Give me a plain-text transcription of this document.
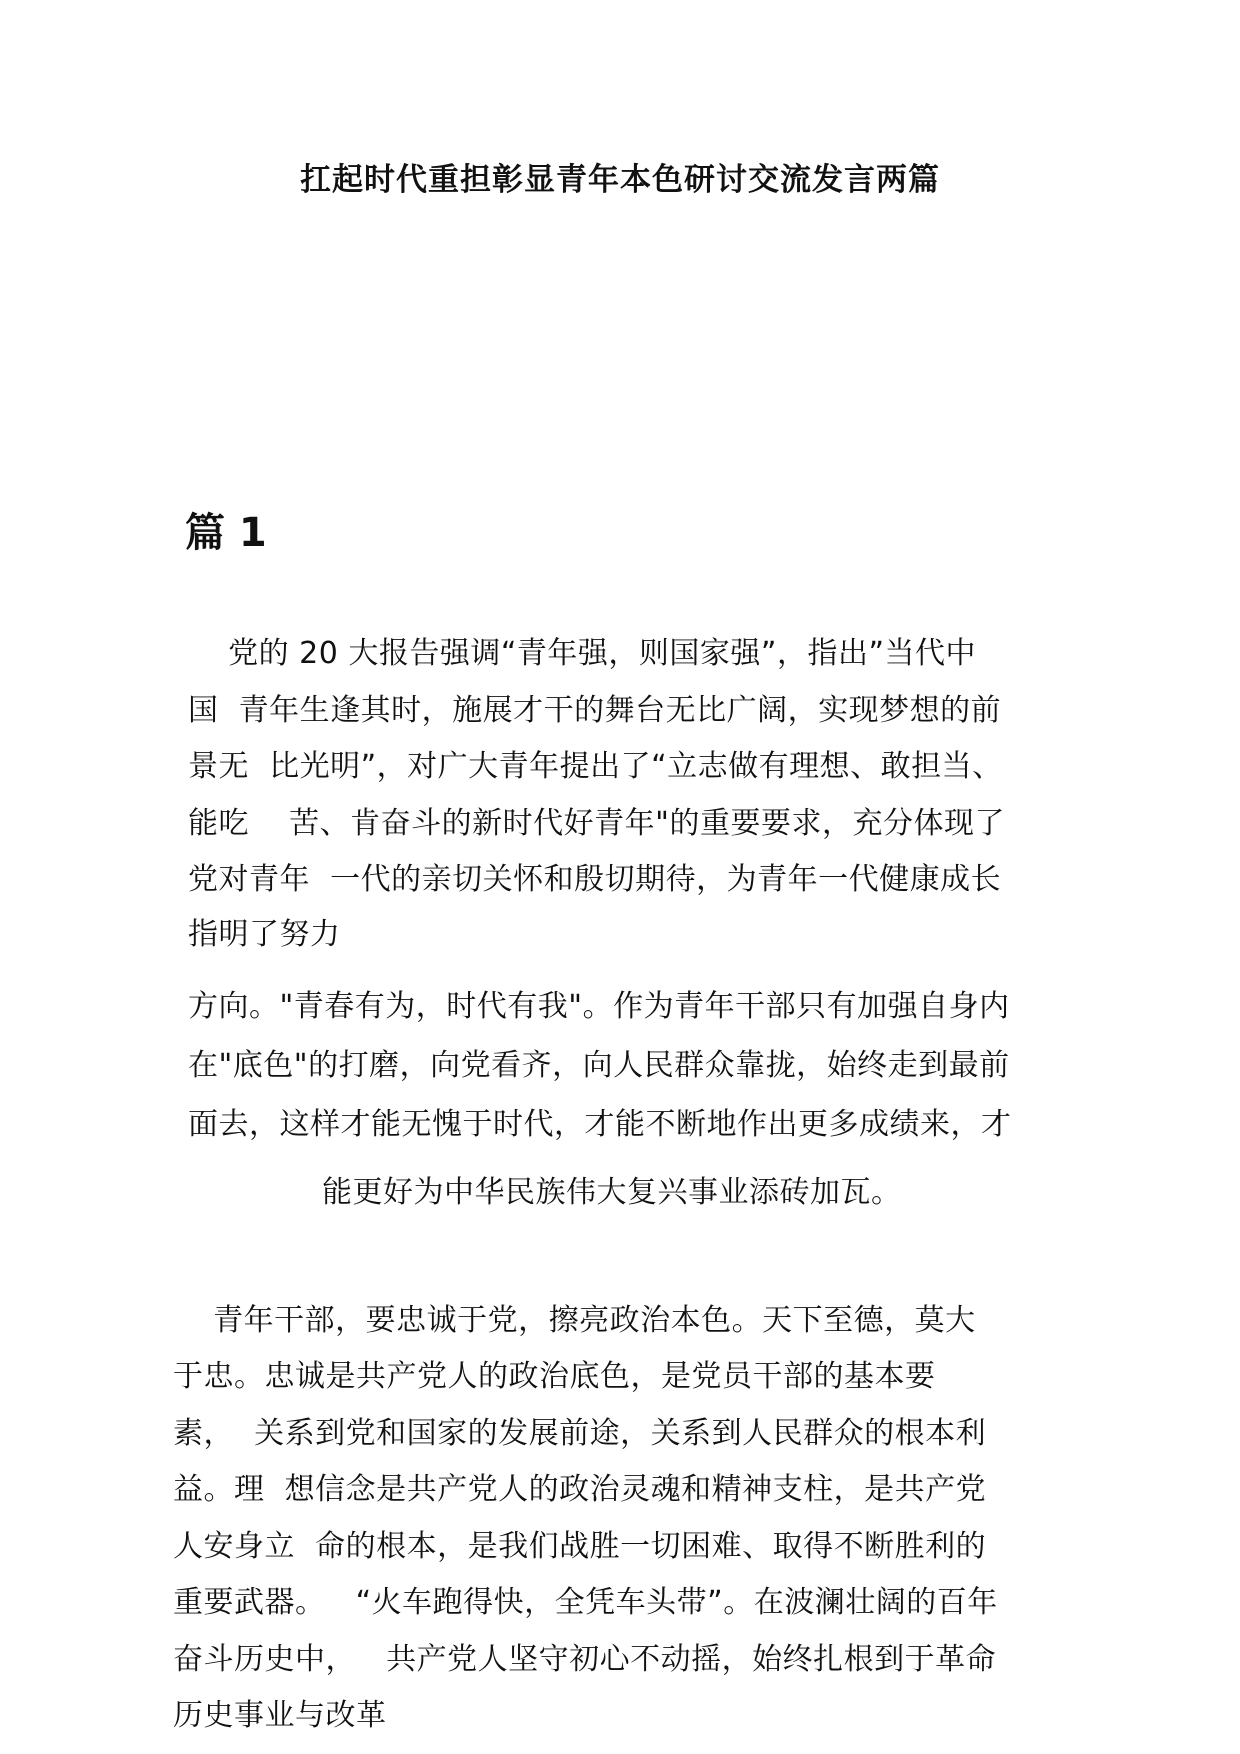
扛起时代重担彰显青年本色研讨交流发言两篇
篇 1
党的 20 大报告强调“青年强，则国家强”，指出”当代中
国  青年生逢其时，施展才干的舞台无比广阔，实现梦想的前
景无  比光明”，对广大青年提出了“立志做有理想、敢担当、
能吃    苦、肯奋斗的新时代好青年"的重要要求，充分体现了
党对青年  一代的亲切关怀和殷切期待，为青年一代健康成长
指明了努力
方向。"青春有为，时代有我"。作为青年干部只有加强自身内
在"底色"的打磨，向党看齐，向人民群众靠拢，始终走到最前
面去，这样才能无愧于时代，才能不断地作出更多成绩来，才
能更好为中华民族伟大复兴事业添砖加瓦。
青年干部，要忠诚于党，擦亮政治本色。天下至德，莫大
于忠。忠诚是共产党人的政治底色，是党员干部的基本要
素，  关系到党和国家的发展前途，关系到人民群众的根本利
益。理  想信念是共产党人的政治灵魂和精神支柱，是共产党
人安身立  命的根本，是我们战胜一切困难、取得不断胜利的
重要武器。   “火车跑得快，全凭车头带”。在波澜壮阔的百年
奋斗历史中，   共产党人坚守初心不动摇，始终扎根到于革命
历史事业与改革
